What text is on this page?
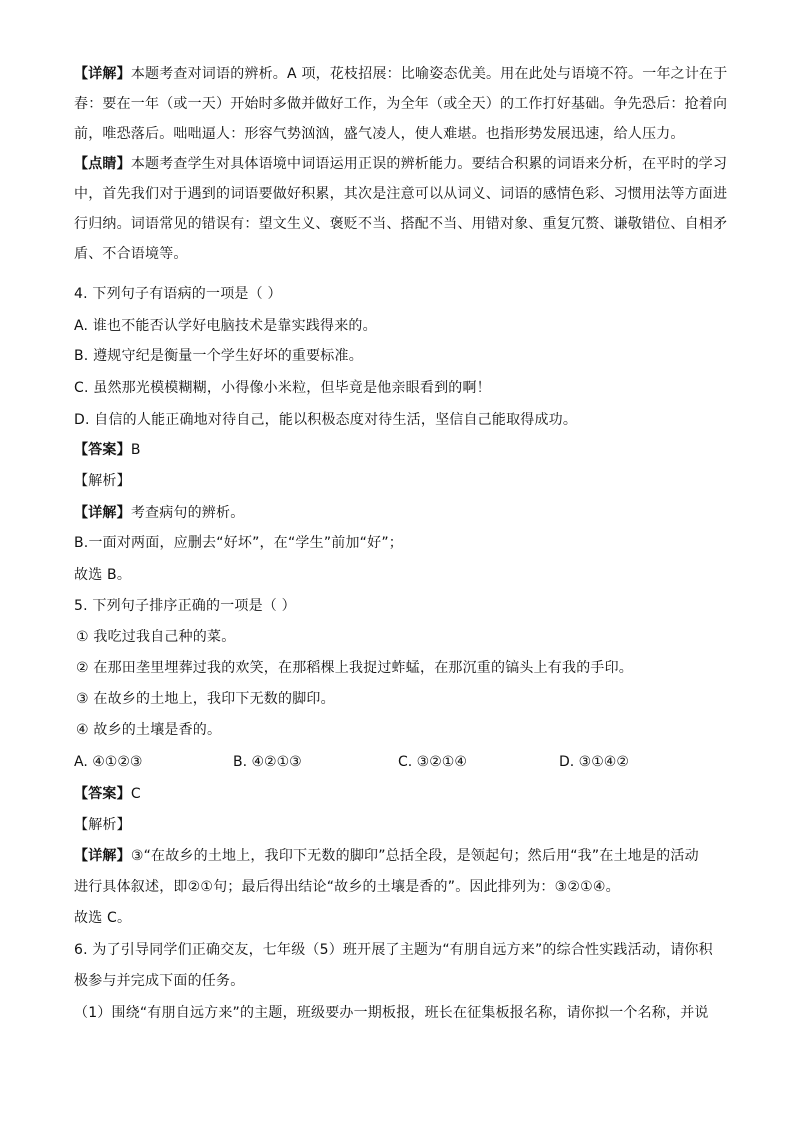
【详解】本题考查对词语的辨析。A 项，花枝招展：比喻姿态优美。用在此处与语境不符。一年之计在于
春：要在一年（或一天）开始时多做并做好工作，为全年（或全天）的工作打好基础。争先恐后：抢着向
前，唯恐落后。咄咄逼人：形容气势汹汹，盛气凌人，使人难堪。也指形势发展迅速，给人压力。
【点睛】本题考查学生对具体语境中词语运用正误的辨析能力。要结合积累的词语来分析，在平时的学习
中，首先我们对于遇到的词语要做好积累，其次是注意可以从词义、词语的感情色彩、习惯用法等方面进
行归纳。词语常见的错误有：望文生义、褒贬不当、搭配不当、用错对象、重复冗赘、谦敬错位、自相矛
盾、不合语境等。
4. 下列句子有语病的一项是（ ）
A. 谁也不能否认学好电脑技术是靠实践得来的。
B. 遵规守纪是衡量一个学生好坏的重要标准。
C. 虽然那光模模糊糊，小得像小米粒，但毕竟是他亲眼看到的啊！
D. 自信的人能正确地对待自己，能以积极态度对待生活，坚信自己能取得成功。
【答案】B
【解析】
【详解】考查病句的辨析。
B.一面对两面，应删去“好坏”，在“学生”前加“好”；
故选 B。
5. 下列句子排序正确的一项是（ ）
① 我吃过我自己种的菜。
② 在那田垄里埋葬过我的欢笑，在那稻棵上我捉过蚱蜢，在那沉重的镐头上有我的手印。
③ 在故乡的土地上，我印下无数的脚印。
④ 故乡的土壤是香的。
A. ④①②③	B. ④②①③	C. ③②①④	D. ③①④②
【答案】C
【解析】
【详解】③“在故乡的土地上，我印下无数的脚印”总括全段，是领起句；然后用“我”在土地是的活动
进行具体叙述，即②①句；最后得出结论“故乡的土壤是香的”。因此排列为：③②①④。
故选 C。
6. 为了引导同学们正确交友，七年级（5）班开展了主题为“有朋自远方来”的综合性实践活动，请你积
极参与并完成下面的任务。
（1）围绕“有朋自远方来”的主题，班级要办一期板报，班长在征集板报名称，请你拟一个名称，并说
